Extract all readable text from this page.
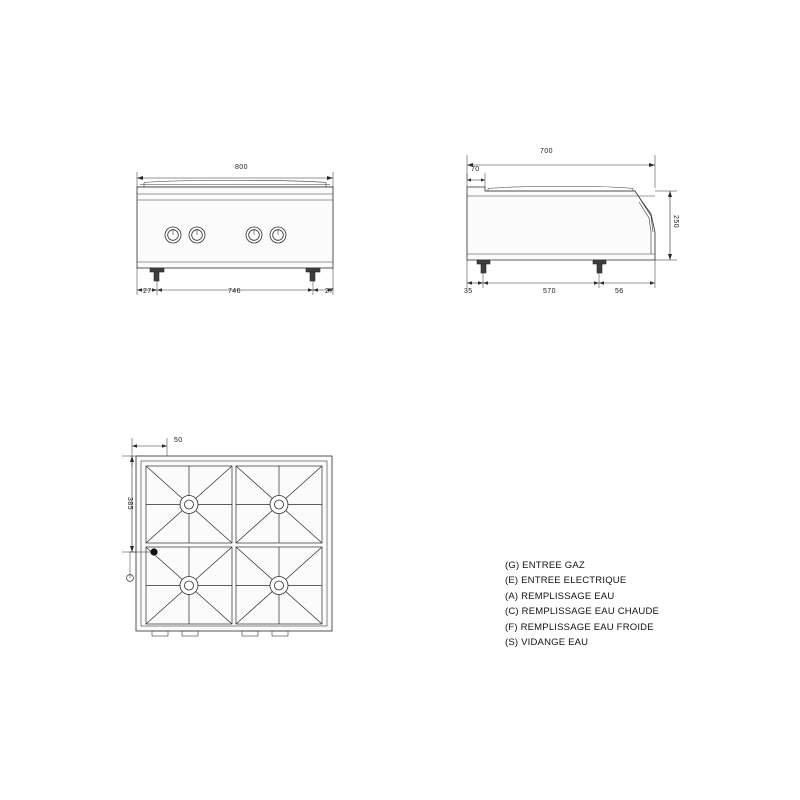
800
27	746	27
700
70
250
35	570	56
50
385
(G) ENTREE GAZ
(E) ENTREE ELECTRIQUE
(A) REMPLISSAGE EAU
(C) REMPLISSAGE EAU CHAUDE
(F) REMPLISSAGE EAU FROIDE
(S) VIDANGE EAU
